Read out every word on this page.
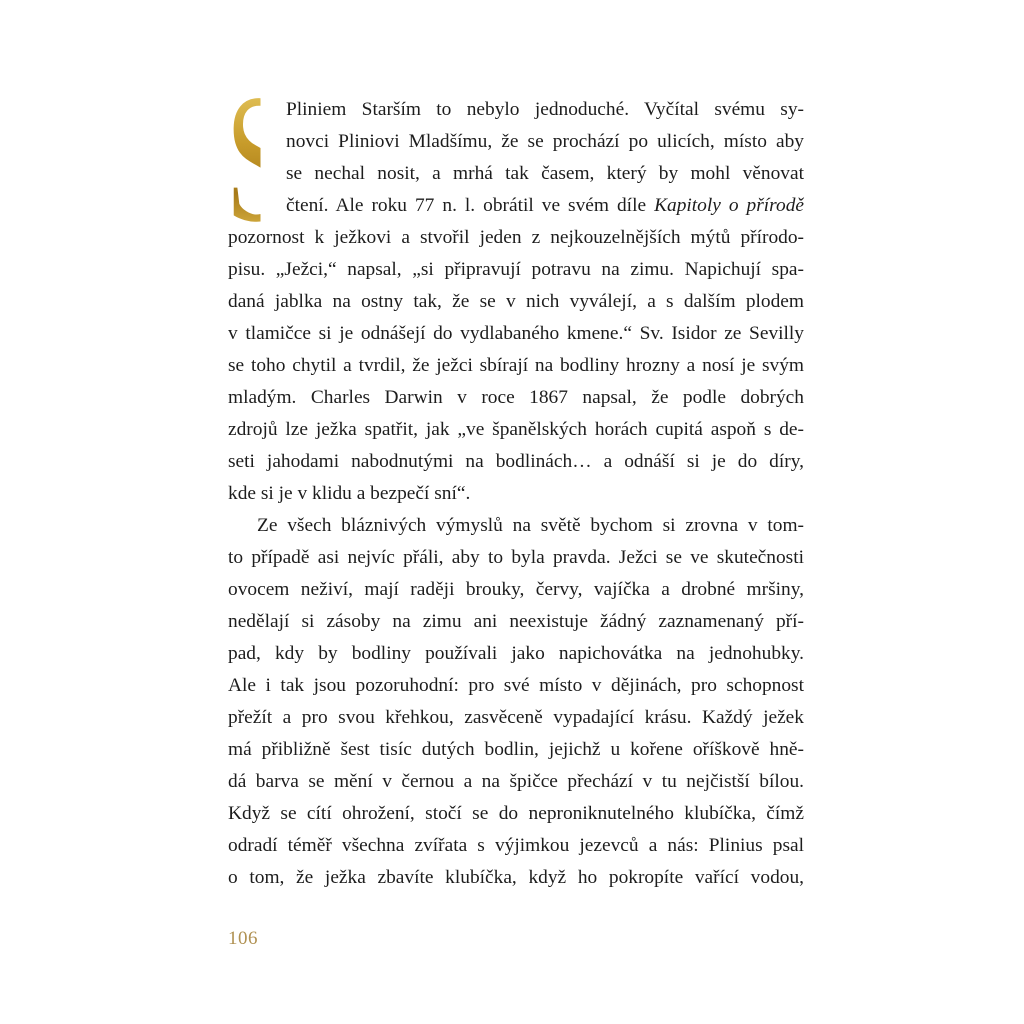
S
Pliniem Starším to nebylo jednoduché. Vyčítal svému sy-
novci Pliniovi Mladšímu, že se prochází po ulicích, místo aby
se nechal nosit, a mrhá tak časem, který by mohl věnovat
čtení. Ale roku 77 n. l. obrátil ve svém díle Kapitoly o přírodě
pozornost k ježkovi a stvořil jeden z nejkouzelnějších mýtů přírodo-
pisu. „Ježci,“ napsal, „si připravují potravu na zimu. Napichují spa-
daná jablka na ostny tak, že se v nich vyválejí, a s dalším plodem
v tlamičce si je odnášejí do vydlabaného kmene.“ Sv. Isidor ze Sevilly
se toho chytil a tvrdil, že ježci sbírají na bodliny hrozny a nosí je svým
mladým. Charles Darwin v roce 1867 napsal, že podle dobrých
zdrojů lze ježka spatřit, jak „ve španělských horách cupitá aspoň s de-
seti jahodami nabodnutými na bodlinách… a odnáší si je do díry,
kde si je v klidu a bezpečí sní“.
Ze všech bláznivých výmyslů na světě bychom si zrovna v tom-
to případě asi nejvíc přáli, aby to byla pravda. Ježci se ve skutečnosti
ovocem neživí, mají raději brouky, červy, vajíčka a drobné mršiny,
nedělají si zásoby na zimu ani neexistuje žádný zaznamenaný pří-
pad, kdy by bodliny používali jako napichovátka na jednohubky.
Ale i tak jsou pozoruhodní: pro své místo v dějinách, pro schopnost
přežít a pro svou křehkou, zasvěceně vypadající krásu. Každý ježek
má přibližně šest tisíc dutých bodlin, jejichž u kořene oříškově hně-
dá barva se mění v černou a na špičce přechází v tu nejčistší bílou.
Když se cítí ohrožení, stočí se do neproniknutelného klubíčka, čímž
odradí téměř všechna zvířata s výjimkou jezevců a nás: Plinius psal
o tom, že ježka zbavíte klubíčka, když ho pokropíte vařící vodou,
106
